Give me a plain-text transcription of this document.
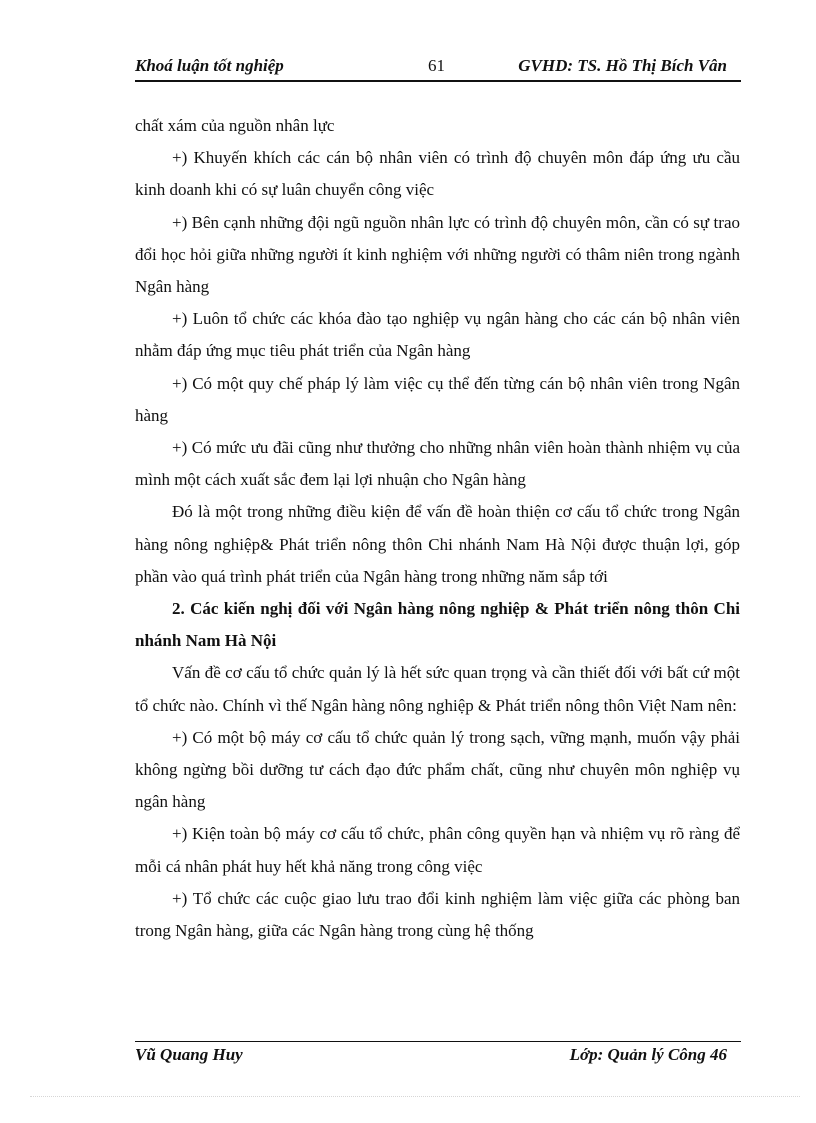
Khoá luận tốt nghiệp	61	GVHD: TS. Hồ Thị Bích Vân

chất xám của nguồn nhân lực

+) Khuyến khích các cán bộ nhân viên có trình độ chuyên môn đáp ứng ưu cầu kinh doanh khi có sự luân chuyển công việc

+) Bên cạnh những đội ngũ nguồn nhân lực có trình độ chuyên môn, cần có sự trao đổi học hỏi giữa những người ít kinh nghiệm với những người có thâm niên trong ngành Ngân hàng

+) Luôn tổ chức các khóa đào tạo nghiệp vụ ngân hàng cho các cán bộ nhân viên nhằm đáp ứng mục tiêu phát triển của Ngân hàng

+) Có một quy chế pháp lý làm việc cụ thể đến từng cán bộ nhân viên trong Ngân hàng

+) Có mức ưu đãi cũng như thưởng cho những nhân viên hoàn thành nhiệm vụ của mình một cách xuất sắc đem lại lợi nhuận cho Ngân hàng

Đó là một trong những điều kiện để vấn đề hoàn thiện cơ cấu tổ chức trong Ngân hàng nông nghiệp& Phát triển nông thôn Chi nhánh Nam Hà Nội được thuận lợi, góp phần vào quá trình phát triển của Ngân hàng trong những năm sắp tới

2. Các kiến nghị đối với Ngân hàng nông nghiệp & Phát triển nông thôn Chi nhánh Nam Hà Nội

Vấn đề cơ cấu tổ chức quản lý là hết sức quan trọng và cần thiết đối với bất cứ một tổ chức nào. Chính vì thế Ngân hàng nông nghiệp & Phát triển nông thôn Việt Nam nên:

+) Có một bộ máy cơ cấu tổ chức quản lý trong sạch, vững mạnh, muốn vậy phải không ngừng bồi dưỡng tư cách đạo đức phẩm chất, cũng như chuyên môn nghiệp vụ ngân hàng

+) Kiện toàn bộ máy cơ cấu tổ chức, phân công quyền hạn và nhiệm vụ rõ ràng để mỗi cá nhân phát huy hết khả năng trong công việc

+) Tổ chức các cuộc giao lưu trao đổi kinh nghiệm làm việc giữa các phòng ban trong Ngân hàng, giữa các Ngân hàng trong cùng hệ thống

Vũ Quang Huy	Lớp: Quản lý Công 46
